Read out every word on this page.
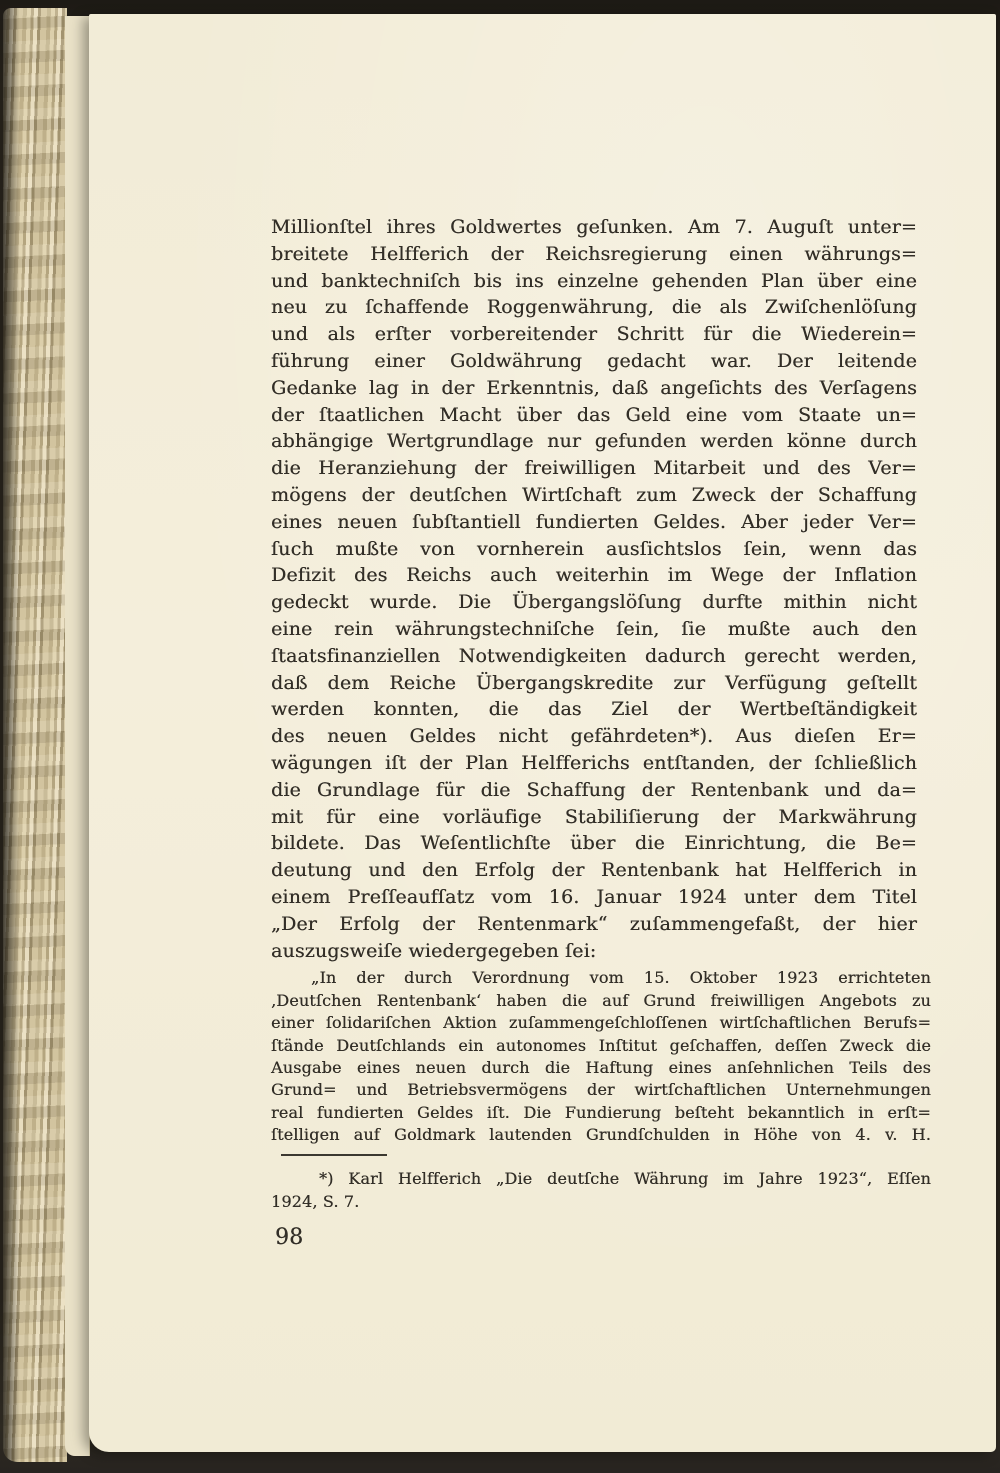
Millionſtel ihres Goldwertes geſunken. Am 7. Auguſt unter=
breitete Helfferich der Reichsregierung einen währungs=
und banktechniſch bis ins einzelne gehenden Plan über eine
neu zu ſchaffende Roggenwährung, die als Zwiſchenlöſung
und als erſter vorbereitender Schritt für die Wiederein=
führung einer Goldwährung gedacht war. Der leitende
Gedanke lag in der Erkenntnis, daß angeſichts des Verſagens
der ſtaatlichen Macht über das Geld eine vom Staate un=
abhängige Wertgrundlage nur gefunden werden könne durch
die Heranziehung der freiwilligen Mitarbeit und des Ver=
mögens der deutſchen Wirtſchaft zum Zweck der Schaffung
eines neuen ſubſtantiell fundierten Geldes. Aber jeder Ver=
ſuch mußte von vornherein ausſichtslos ſein, wenn das
Defizit des Reichs auch weiterhin im Wege der Inflation
gedeckt wurde. Die Übergangslöſung durfte mithin nicht
eine rein währungstechniſche ſein, ſie mußte auch den
ſtaatsfinanziellen Notwendigkeiten dadurch gerecht werden,
daß dem Reiche Übergangskredite zur Verfügung geſtellt
werden konnten, die das Ziel der Wertbeſtändigkeit
des neuen Geldes nicht gefährdeten*). Aus dieſen Er=
wägungen iſt der Plan Helfferichs entſtanden, der ſchließlich
die Grundlage für die Schaffung der Rentenbank und da=
mit für eine vorläufige Stabiliſierung der Markwährung
bildete. Das Weſentlichſte über die Einrichtung, die Be=
deutung und den Erfolg der Rentenbank hat Helfferich in
einem Preſſeaufſatz vom 16. Januar 1924 unter dem Titel
„Der Erfolg der Rentenmark“ zuſammengefaßt, der hier
auszugsweiſe wiedergegeben ſei:
„In der durch Verordnung vom 15. Oktober 1923 errichteten
‚Deutſchen Rentenbank‘ haben die auf Grund freiwilligen Angebots zu
einer ſolidariſchen Aktion zuſammengeſchloſſenen wirtſchaftlichen Berufs=
ſtände Deutſchlands ein autonomes Inſtitut geſchaffen, deſſen Zweck die
Ausgabe eines neuen durch die Haftung eines anſehnlichen Teils des
Grund= und Betriebsvermögens der wirtſchaftlichen Unternehmungen
real fundierten Geldes iſt. Die Fundierung beſteht bekanntlich in erſt=
ſtelligen auf Goldmark lautenden Grundſchulden in Höhe von 4. v. H.
*) Karl Helfferich „Die deutſche Währung im Jahre 1923“, Eſſen
1924, S. 7.
98
